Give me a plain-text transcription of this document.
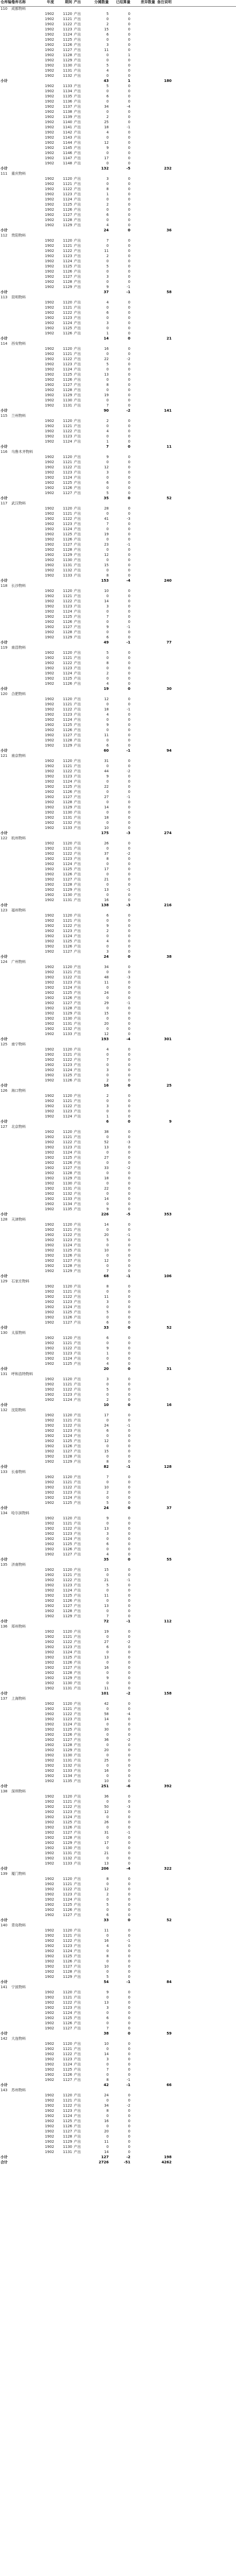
仓库编号
仓库名称	年度	期间 产出	分摊数量	已结算量	差异数量 备注说明
110	成都物料
1902	1120 产出	5	0
1902	1121 产出	0	0
1902	1122 产出	2	0
1902	1123 产出	15	0
1902	1124 产出	6	0
1902	1125 产出	0	0
1902	1126 产出	3	0
1902	1127 产出	11	0
1902	1128 产出	0	1
1902	1129 产出	0	0
1902	1130 产出	5	0
1902	1131 产出	4	0
1902	1132 产出	0	0
小计	43	1	180
1902	1133 产出	5	0
1902	1134 产出	0	0
1902	1135 产出	6	0
1902	1136 产出	0	0
1902	1137 产出	34	-4
1902	1138 产出	0	0
1902	1139 产出	2	0
1902	1140 产出	25	0
1902	1141 产出	18	-1
1902	1142 产出	4	0
1902	1143 产出	0	0
1902	1144 产出	12	0
1902	1145 产出	9	0
1902	1146 产出	0	0
1902	1147 产出	17	0
1902	1148 产出	0	0
小计	132	-5	232
111	重庆物料
1902	1120 产出	3	0
1902	1121 产出	0	0
1902	1122 产出	8	0
1902	1123 产出	1	0
1902	1124 产出	0	0
1902	1125 产出	2	0
1902	1126 产出	0	0
1902	1127 产出	6	0
1902	1128 产出	0	0
1902	1129 产出	4	0
小计	24	0	36
112	贵阳物料
1902	1120 产出	7	0
1902	1121 产出	0	0
1902	1122 产出	11	0
1902	1123 产出	2	0
1902	1124 产出	0	0
1902	1125 产出	5	0
1902	1126 产出	0	0
1902	1127 产出	3	0
1902	1128 产出	0	0
1902	1129 产出	9	-1
小计	37	-1	58
113	昆明物料
1902	1120 产出	4	0
1902	1121 产出	0	0
1902	1122 产出	6	0
1902	1123 产出	0	0
1902	1124 产出	3	0
1902	1125 产出	0	0
1902	1126 产出	1	0
小计	14	0	21
114	西安物料
1902	1120 产出	16	0
1902	1121 产出	0	0
1902	1122 产出	22	-2
1902	1123 产出	5	0
1902	1124 产出	0	0
1902	1125 产出	13	0
1902	1126 产出	0	0
1902	1127 产出	8	0
1902	1128 产出	0	0
1902	1129 产出	19	0
1902	1130 产出	0	0
1902	1131 产出	7	0
小计	90	-2	141
115	兰州物料
1902	1120 产出	2	0
1902	1121 产出	0	0
1902	1122 产出	4	0
1902	1123 产出	0	0
1902	1124 产出	1	0
小计	7	0	11
116	乌鲁木齐物料
1902	1120 产出	9	0
1902	1121 产出	0	0
1902	1122 产出	12	0
1902	1123 产出	3	0
1902	1124 产出	0	0
1902	1125 产出	6	0
1902	1126 产出	0	0
1902	1127 产出	5	0
小计	35	0	52
117	武汉物料
1902	1120 产出	28	0
1902	1121 产出	0	0
1902	1122 产出	41	-3
1902	1123 产出	7	0
1902	1124 产出	0	0
1902	1125 产出	19	0
1902	1126 产出	0	0
1902	1127 产出	23	-1
1902	1128 产出	0	0
1902	1129 产出	12	0
1902	1130 产出	0	0
1902	1131 产出	15	0
1902	1132 产出	0	0
1902	1133 产出	8	0
小计	153	-4	240
118	长沙物料
1902	1120 产出	10	0
1902	1121 产出	0	0
1902	1122 产出	14	0
1902	1123 产出	3	0
1902	1124 产出	0	0
1902	1125 产出	7	0
1902	1126 产出	0	0
1902	1127 产出	9	-1
1902	1128 产出	0	0
1902	1129 产出	6	0
小计	49	-1	77
119	南昌物料
1902	1120 产出	5	0
1902	1121 产出	0	0
1902	1122 产出	8	0
1902	1123 产出	0	0
1902	1124 产出	2	0
1902	1125 产出	0	0
1902	1126 产出	4	0
小计	19	0	30
120	合肥物料
1902	1120 产出	12	0
1902	1121 产出	0	0
1902	1122 产出	18	-1
1902	1123 产出	4	0
1902	1124 产出	0	0
1902	1125 产出	9	0
1902	1126 产出	0	0
1902	1127 产出	11	0
1902	1128 产出	0	0
1902	1129 产出	6	0
小计	60	-1	94
121	南京物料
1902	1120 产出	31	0
1902	1121 产出	0	0
1902	1122 产出	44	-2
1902	1123 产出	9	0
1902	1124 产出	0	0
1902	1125 产出	22	0
1902	1126 产出	0	0
1902	1127 产出	27	-1
1902	1128 产出	0	0
1902	1129 产出	14	0
1902	1130 产出	0	0
1902	1131 产出	18	0
1902	1132 产出	0	0
1902	1133 产出	10	0
小计	175	-3	274
122	杭州物料
1902	1120 产出	26	0
1902	1121 产出	0	0
1902	1122 产出	37	-2
1902	1123 产出	8	0
1902	1124 产出	0	0
1902	1125 产出	17	0
1902	1126 产出	0	0
1902	1127 产出	21	0
1902	1128 产出	0	0
1902	1129 产出	13	-1
1902	1130 产出	0	0
1902	1131 产出	16	0
小计	138	-3	216
123	福州物料
1902	1120 产出	6	0
1902	1121 产出	0	0
1902	1122 产出	9	0
1902	1123 产出	2	0
1902	1124 产出	0	0
1902	1125 产出	4	0
1902	1126 产出	0	0
1902	1127 产出	3	0
小计	24	0	38
124	广州物料
1902	1120 产出	34	0
1902	1121 产出	0	0
1902	1122 产出	48	-3
1902	1123 产出	11	0
1902	1124 产出	0	0
1902	1125 产出	24	0
1902	1126 产出	0	0
1902	1127 产出	29	-1
1902	1128 产出	0	0
1902	1129 产出	15	0
1902	1130 产出	0	0
1902	1131 产出	20	0
1902	1132 产出	0	0
1902	1133 产出	12	0
小计	193	-4	301
125	南宁物料
1902	1120 产出	4	0
1902	1121 产出	0	0
1902	1122 产出	7	0
1902	1123 产出	0	0
1902	1124 产出	3	0
1902	1125 产出	0	0
1902	1126 产出	2	0
小计	16	0	25
126	海口物料
1902	1120 产出	2	0
1902	1121 产出	0	0
1902	1122 产出	3	0
1902	1123 产出	0	0
1902	1124 产出	1	0
小计	6	0	9
127	北京物料
1902	1120 产出	38	0
1902	1121 产出	0	0
1902	1122 产出	52	-3
1902	1123 产出	13	0
1902	1124 产出	0	0
1902	1125 产出	27	0
1902	1126 产出	0	0
1902	1127 产出	33	-2
1902	1128 产出	0	0
1902	1129 产出	18	0
1902	1130 产出	0	0
1902	1131 产出	22	0
1902	1132 产出	0	0
1902	1133 产出	14	0
1902	1134 产出	0	0
1902	1135 产出	9	0
小计	226	-5	353
128	天津物料
1902	1120 产出	14	0
1902	1121 产出	0	0
1902	1122 产出	20	-1
1902	1123 产出	5	0
1902	1124 产出	0	0
1902	1125 产出	10	0
1902	1126 产出	0	0
1902	1127 产出	12	0
1902	1128 产出	0	0
1902	1129 产出	7	0
小计	68	-1	106
129	石家庄物料
1902	1120 产出	8	0
1902	1121 产出	0	0
1902	1122 产出	11	0
1902	1123 产出	3	0
1902	1124 产出	0	0
1902	1125 产出	5	0
1902	1126 产出	0	0
1902	1127 产出	6	0
小计	33	0	52
130	太原物料
1902	1120 产出	6	0
1902	1121 产出	0	0
1902	1122 产出	9	0
1902	1123 产出	1	0
1902	1124 产出	0	0
1902	1125 产出	4	0
小计	20	0	31
131	呼和浩特物料
1902	1120 产出	3	0
1902	1121 产出	0	0
1902	1122 产出	5	0
1902	1123 产出	0	0
1902	1124 产出	2	0
小计	10	0	16
132	沈阳物料
1902	1120 产出	17	0
1902	1121 产出	0	0
1902	1122 产出	24	-1
1902	1123 产出	6	0
1902	1124 产出	0	0
1902	1125 产出	12	0
1902	1126 产出	0	0
1902	1127 产出	15	0
1902	1128 产出	0	0
1902	1129 产出	8	0
小计	82	-1	128
133	长春物料
1902	1120 产出	7	0
1902	1121 产出	0	0
1902	1122 产出	10	0
1902	1123 产出	2	0
1902	1124 产出	0	0
1902	1125 产出	5	0
小计	24	0	37
134	哈尔滨物料
1902	1120 产出	9	0
1902	1121 产出	0	0
1902	1122 产出	13	0
1902	1123 产出	3	0
1902	1124 产出	0	0
1902	1125 产出	6	0
1902	1126 产出	0	0
1902	1127 产出	4	0
小计	35	0	55
135	济南物料
1902	1120 产出	15	0
1902	1121 产出	0	0
1902	1122 产出	21	-1
1902	1123 产出	5	0
1902	1124 产出	0	0
1902	1125 产出	11	0
1902	1126 产出	0	0
1902	1127 产出	13	0
1902	1128 产出	0	0
1902	1129 产出	7	0
小计	72	-1	112
136	郑州物料
1902	1120 产出	19	0
1902	1121 产出	0	0
1902	1122 产出	27	-2
1902	1123 产出	6	0
1902	1124 产出	0	0
1902	1125 产出	13	0
1902	1126 产出	0	0
1902	1127 产出	16	0
1902	1128 产出	0	0
1902	1129 产出	9	0
1902	1130 产出	0	0
1902	1131 产出	11	0
小计	101	-2	158
137	上海物料
1902	1120 产出	42	0
1902	1121 产出	0	0
1902	1122 产出	58	-4
1902	1123 产出	14	0
1902	1124 产出	0	0
1902	1125 产出	30	0
1902	1126 产出	0	0
1902	1127 产出	36	-2
1902	1128 产出	0	0
1902	1129 产出	20	0
1902	1130 产出	0	0
1902	1131 产出	25	0
1902	1132 产出	0	0
1902	1133 产出	16	0
1902	1134 产出	0	0
1902	1135 产出	10	0
小计	251	-6	392
138	深圳物料
1902	1120 产出	36	0
1902	1121 产出	0	0
1902	1122 产出	50	-3
1902	1123 产出	12	0
1902	1124 产出	0	0
1902	1125 产出	26	0
1902	1126 产出	0	0
1902	1127 产出	31	-1
1902	1128 产出	0	0
1902	1129 产出	17	0
1902	1130 产出	0	0
1902	1131 产出	21	0
1902	1132 产出	0	0
1902	1133 产出	13	0
小计	206	-4	322
139	厦门物料
1902	1120 产出	8	0
1902	1121 产出	0	0
1902	1122 产出	12	0
1902	1123 产出	2	0
1902	1124 产出	0	0
1902	1125 产出	5	0
1902	1126 产出	0	0
1902	1127 产出	6	0
小计	33	0	52
140	青岛物料
1902	1120 产出	11	0
1902	1121 产出	0	0
1902	1122 产出	16	-1
1902	1123 产出	4	0
1902	1124 产出	0	0
1902	1125 产出	8	0
1902	1126 产出	0	0
1902	1127 产出	10	0
1902	1128 产出	0	0
1902	1129 产出	5	0
小计	54	-1	84
141	宁波物料
1902	1120 产出	9	0
1902	1121 产出	0	0
1902	1122 产出	13	0
1902	1123 产出	3	0
1902	1124 产出	0	0
1902	1125 产出	6	0
1902	1126 产出	0	0
1902	1127 产出	7	0
小计	38	0	59
142	大连物料
1902	1120 产出	10	0
1902	1121 产出	0	0
1902	1122 产出	14	0
1902	1123 产出	3	0
1902	1124 产出	0	0
1902	1125 产出	7	0
1902	1126 产出	0	0
1902	1127 产出	8	-1
小计	42	-1	66
143	苏州物料
1902	1120 产出	24	0
1902	1121 产出	0	0
1902	1122 产出	34	-2
1902	1123 产出	8	0
1902	1124 产出	0	0
1902	1125 产出	16	0
1902	1126 产出	0	0
1902	1127 产出	20	0
1902	1128 产出	0	0
1902	1129 产出	11	0
1902	1130 产出	0	0
1902	1131 产出	14	0
小计	127	-2	198
合计	2726	-51	4262
